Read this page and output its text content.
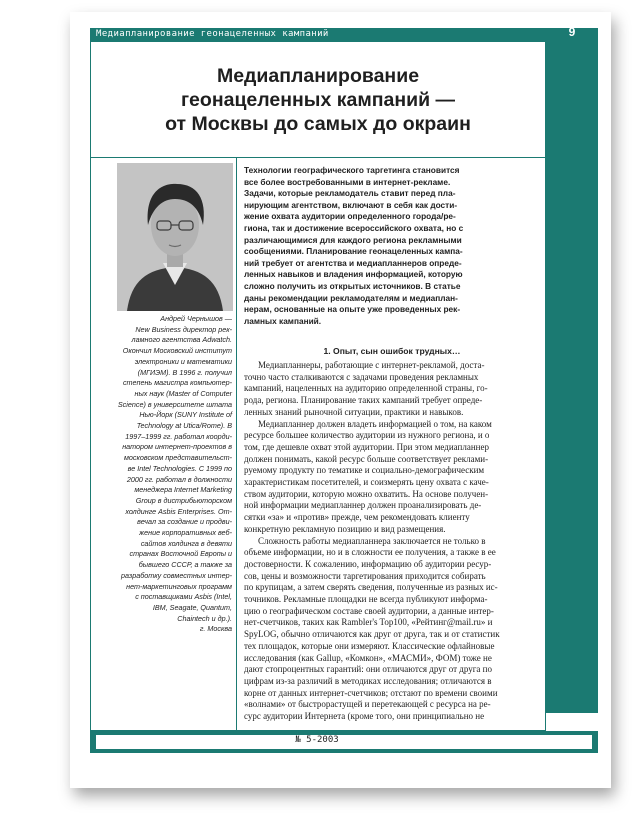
Медиапланирование геонацеленных кампаний	9
Медиапланирование
геонацеленных кампаний —
от Москвы до самых до окраин
Андрей Чернышов —
New Business директор рек-
ламного агентства Adwatch.
Окончил Московский институт
электроники и математики
(МГИЭМ). В 1996 г. получил
степень магистра компьютер-
ных наук (Master of Computer
Science) в университете штата
Нью-Йорк (SUNY Institute of
Technology at Utica/Rome). В
1997–1999 гг. работал коорди-
натором интернет-проектов в
московском представительст-
ве Intel Technologies. С 1999 по
2000 гг. работал в должности
менеджера Internet Marketing
Group в дистрибьюторском
холдинге Asbis Enterprises. От-
вечал за создание и продви-
жение корпоративных веб-
сайтов холдинга в девяти
странах Восточной Европы и
бывшего СССР, а также за
разработку совместных интер-
нет-маркетинговых программ
с поставщиками Asbis (Intel,
IBM, Seagate, Quantum,
Chaintech и др.).
г. Москва
Технологии географического таргетинга становится
все более востребованными в интернет-рекламе.
Задачи, которые рекламодатель ставит перед пла-
нирующим агентством, включают в себя как дости-
жение охвата аудитории определенного города/ре-
гиона, так и достижение всероссийского охвата, но с
различающимися для каждого региона рекламными
сообщениями. Планирование геонацеленных кампа-
ний требует от агентства и медиапланнеров опреде-
ленных навыков и владения информацией, которую
сложно получить из открытых источников. В статье
даны рекомендации рекламодателям и медиаплан-
нерам, основанные на опыте уже проведенных рек-
ламных кампаний.
1. Опыт, сын ошибок трудных…
Медиапланнеры, работающие с интернет-рекламой, доста-
точно часто сталкиваются с задачами проведения рекламных
кампаний, нацеленных на аудиторию определенной страны, го-
рода, региона. Планирование таких кампаний требует опреде-
ленных знаний рыночной ситуации, практики и навыков.
Медиапланнер должен владеть информацией о том, на каком
ресурсе большее количество аудитории из нужного региона, и о
том, где дешевле охват этой аудитории. При этом медиапланнер
должен понимать, какой ресурс больше соответствует реклами-
руемому продукту по тематике и социально-демографическим
характеристикам посетителей, и соизмерять цену охвата с каче-
ством аудитории, которую можно охватить. На основе получен-
ной информации медиапланнер должен проанализировать де-
сятки «за» и «против» прежде, чем рекомендовать клиенту
конкретную рекламную позицию и вид размещения.
Сложность работы медиапланнера заключается не только в
объеме информации, но и в сложности ее получения, а также в ее
достоверности. К сожалению, информацию об аудитории ресур-
сов, цены и возможности таргетирования приходится собирать
по крупицам, а затем сверять сведения, полученные из разных ис-
точников. Рекламные площадки не всегда публикуют информа-
цию о географическом составе своей аудитории, а данные интер-
нет-счетчиков, таких как Rambler's Top100, «Рейтинг@mail.ru» и
SpyLOG, обычно отличаются как друг от друга, так и от статистик
тех площадок, которые они измеряют. Классические офлайновые
исследования (как Gallup, «Комкон», «МАСМИ», ФОМ) тоже не
дают стопроцентных гарантий: они отличаются друг от друга по
цифрам из-за различий в методиках исследования; отличаются в
корне от данных интернет-счетчиков; отстают по времени своими
«волнами» от быстрорастущей и перетекающей с ресурса на ре-
сурс аудитории Интернета (кроме того, они принципиально не
№ 5-2003
